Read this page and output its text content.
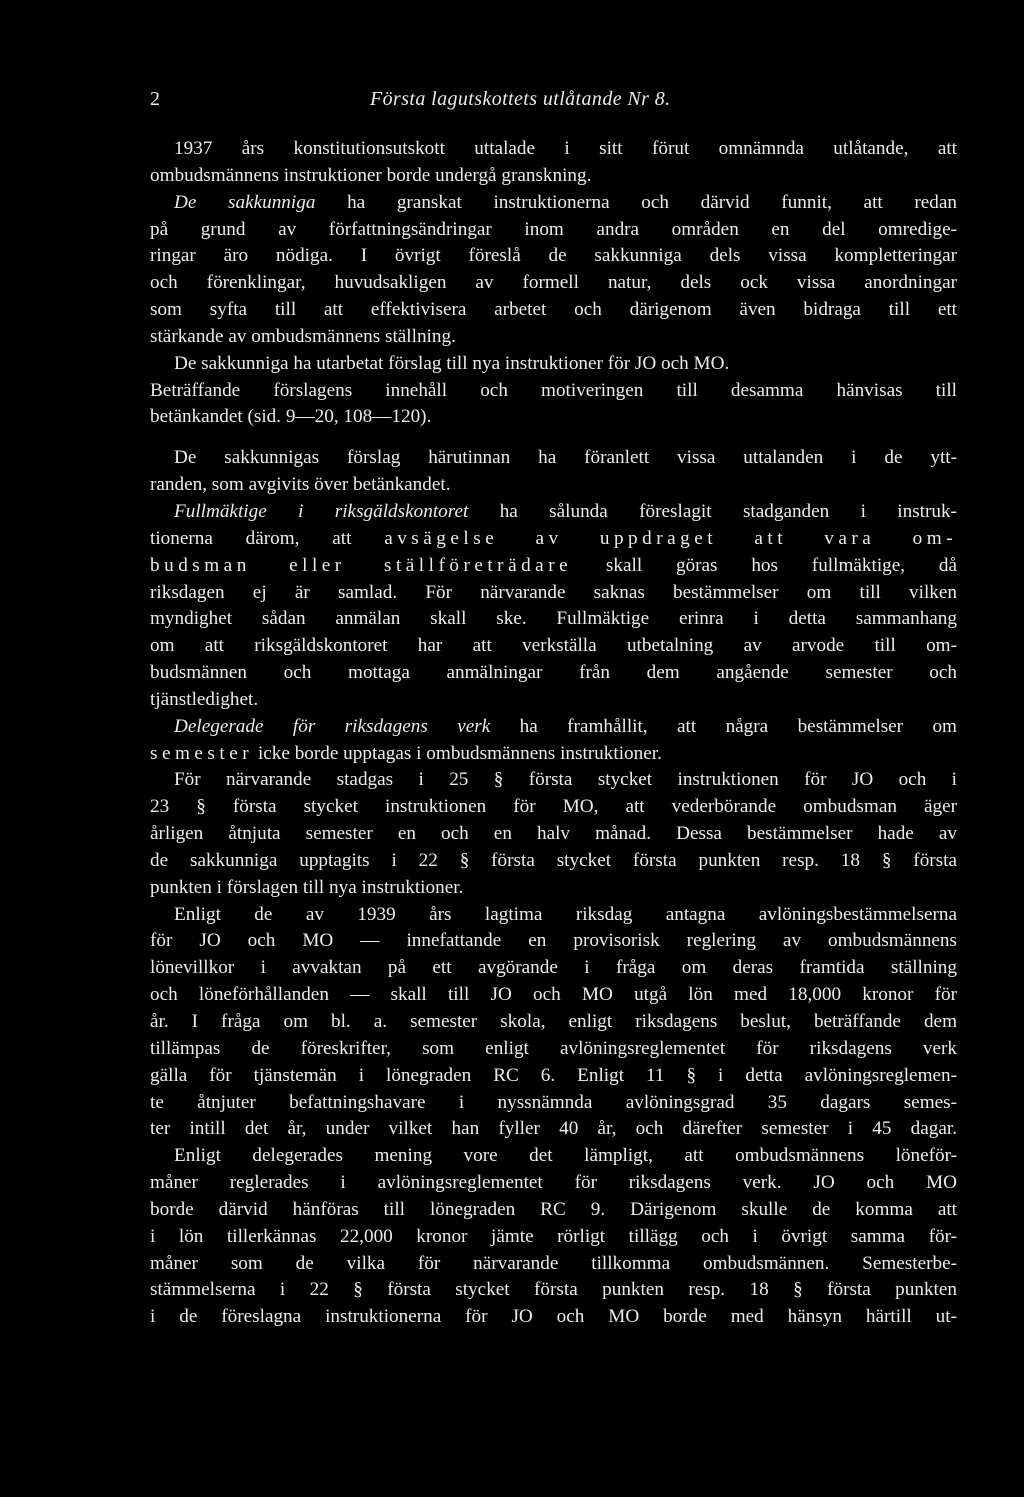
2	Första lagutskottets utlåtande Nr 8.
1937 års konstitutionsutskott uttalade i sitt förut omnämnda utlåtande, att
ombudsmännens instruktioner borde undergå granskning.
De sakkunniga ha granskat instruktionerna och därvid funnit, att redan
på grund av författningsändringar inom andra områden en del omredige-
ringar äro nödiga. I övrigt föreslå de sakkunniga dels vissa kompletteringar
och förenklingar, huvudsakligen av formell natur, dels ock vissa anordningar
som syfta till att effektivisera arbetet och därigenom även bidraga till ett
stärkande av ombudsmännens ställning.
De sakkunniga ha utarbetat förslag till nya instruktioner för JO och MO.
Beträffande förslagens innehåll och motiveringen till desamma hänvisas till
betänkandet (sid. 9—20, 108—120).
De sakkunnigas förslag härutinnan ha föranlett vissa uttalanden i de ytt-
randen, som avgivits över betänkandet.
Fullmäktige i riksgäldskontoret ha sålunda föreslagit stadganden i instruk-
tionerna därom, att avsägelse av uppdraget att vara om-
budsman eller ställföreträdare skall göras hos fullmäktige, då
riksdagen ej är samlad. För närvarande saknas bestämmelser om till vilken
myndighet sådan anmälan skall ske. Fullmäktige erinra i detta sammanhang
om att riksgäldskontoret har att verkställa utbetalning av arvode till om-
budsmännen och mottaga anmälningar från dem angående semester och
tjänstledighet.
Delegerade för riksdagens verk ha framhållit, att några bestämmelser om
semester icke borde upptagas i ombudsmännens instruktioner.
För närvarande stadgas i 25 § första stycket instruktionen för JO och i
23 § första stycket instruktionen för MO, att vederbörande ombudsman äger
årligen åtnjuta semester en och en halv månad. Dessa bestämmelser hade av
de sakkunniga upptagits i 22 § första stycket första punkten resp. 18 § första
punkten i förslagen till nya instruktioner.
Enligt de av 1939 års lagtima riksdag antagna avlöningsbestämmelserna
för JO och MO — innefattande en provisorisk reglering av ombudsmännens
lönevillkor i avvaktan på ett avgörande i fråga om deras framtida ställning
och löneförhållanden — skall till JO och MO utgå lön med 18,000 kronor för
år. I fråga om bl. a. semester skola, enligt riksdagens beslut, beträffande dem
tillämpas de föreskrifter, som enligt avlöningsreglementet för riksdagens verk
gälla för tjänstemän i lönegraden RC 6. Enligt 11 § i detta avlöningsreglemen-
te åtnjuter befattningshavare i nyssnämnda avlöningsgrad 35 dagars semes-
ter intill det år, under vilket han fyller 40 år, och därefter semester i 45 dagar.
Enligt delegerades mening vore det lämpligt, att ombudsmännens löneför-
måner reglerades i avlöningsreglementet för riksdagens verk. JO och MO
borde därvid hänföras till lönegraden RC 9. Därigenom skulle de komma att
i lön tillerkännas 22,000 kronor jämte rörligt tillägg och i övrigt samma för-
måner som de vilka för närvarande tillkomma ombudsmännen. Semesterbe-
stämmelserna i 22 § första stycket första punkten resp. 18 § första punkten
i de föreslagna instruktionerna för JO och MO borde med hänsyn härtill ut-
